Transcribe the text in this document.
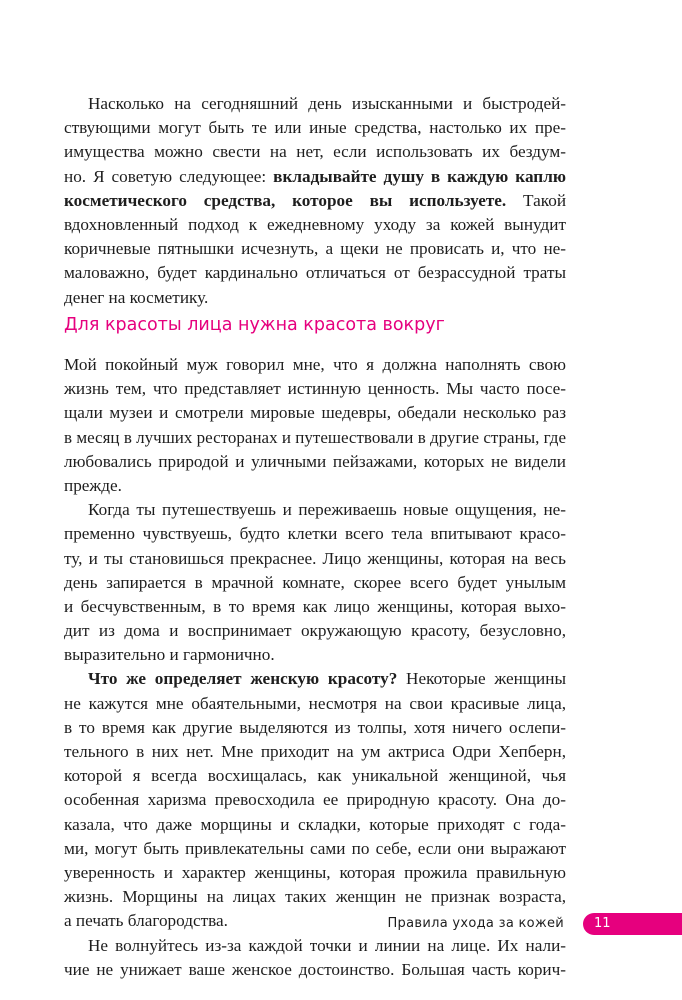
Насколько на сегодняшний день изысканными и быстродей-
ствующими могут быть те или иные средства, настолько их пре-
имущества можно свести на нет, если использовать их бездум-
но. Я советую следующее: вкладывайте душу в каждую каплю
косметического средства, которое вы используете. Такой
вдохновленный подход к ежедневному уходу за кожей вынудит
коричневые пятнышки исчезнуть, а щеки не провисать и, что не-
маловажно, будет кардинально отличаться от безрассудной траты
денег на косметику.
Для красоты лица нужна красота вокруг
Мой покойный муж говорил мне, что я должна наполнять свою
жизнь тем, что представляет истинную ценность. Мы часто посе-
щали музеи и смотрели мировые шедевры, обедали несколько раз
в месяц в лучших ресторанах и путешествовали в другие страны, где
любовались природой и уличными пейзажами, которых не видели
прежде.
Когда ты путешествуешь и переживаешь новые ощущения, не-
пременно чувствуешь, будто клетки всего тела впитывают красо-
ту, и ты становишься прекраснее. Лицо женщины, которая на весь
день запирается в мрачной комнате, скорее всего будет унылым
и бесчувственным, в то время как лицо женщины, которая выхо-
дит из дома и воспринимает окружающую красоту, безусловно,
выразительно и гармонично.
Что же определяет женскую красоту? Некоторые женщины
не кажутся мне обаятельными, несмотря на свои красивые лица,
в то время как другие выделяются из толпы, хотя ничего ослепи-
тельного в них нет. Мне приходит на ум актриса Одри Хепберн,
которой я всегда восхищалась, как уникальной женщиной, чья
особенная харизма превосходила ее природную красоту. Она до-
казала, что даже морщины и складки, которые приходят с года-
ми, могут быть привлекательны сами по себе, если они выражают
уверенность и характер женщины, которая прожила правильную
жизнь. Морщины на лицах таких женщин не признак возраста,
а печать благородства.
Не волнуйтесь из-за каждой точки и линии на лице. Их нали-
чие не унижает ваше женское достоинство. Большая часть корич-
Правила ухода за кожей 11
